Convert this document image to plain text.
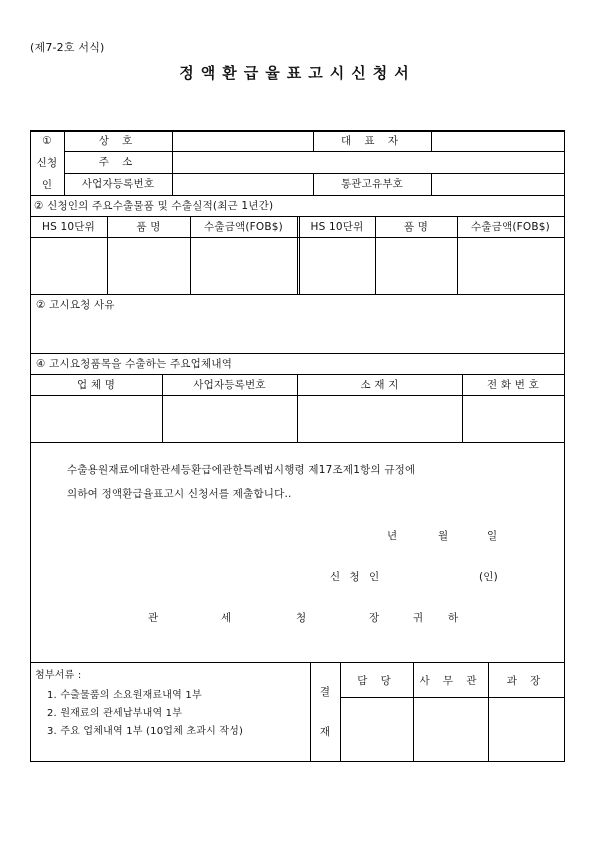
(제7-2호 서식)
정액환급율표고시신청서
①
신청
인
상 호	대 표 자
주 소
사업자등록번호	통관고유부호
② 신청인의 주요수출물품 및 수출실적(최근 1년간)
HS 10단위	품 명	수출금액(FOB$)	HS 10단위	품 명	수출금액(FOB$)
② 고시요청 사유
④ 고시요청품목을 수출하는 주요업체내역
업 체 명	사업자등록번호	소 재 지	전 화 번 호
수출용원재료에대한관세등환급에관한특례법시행령 제17조제1항의 규정에
의하여 정액환급율표고시 신청서를 제출합니다..
년	월	일
신 청 인	(인)
관	세	청	장	귀 하
첨부서류 :
1. 수출물품의 소요원재료내역 1부
2. 원재료의 관세납부내역 1부
3. 주요 업체내역 1부 (10업체 초과시 작성)
결
재
담 당	사 무 관	과 장
